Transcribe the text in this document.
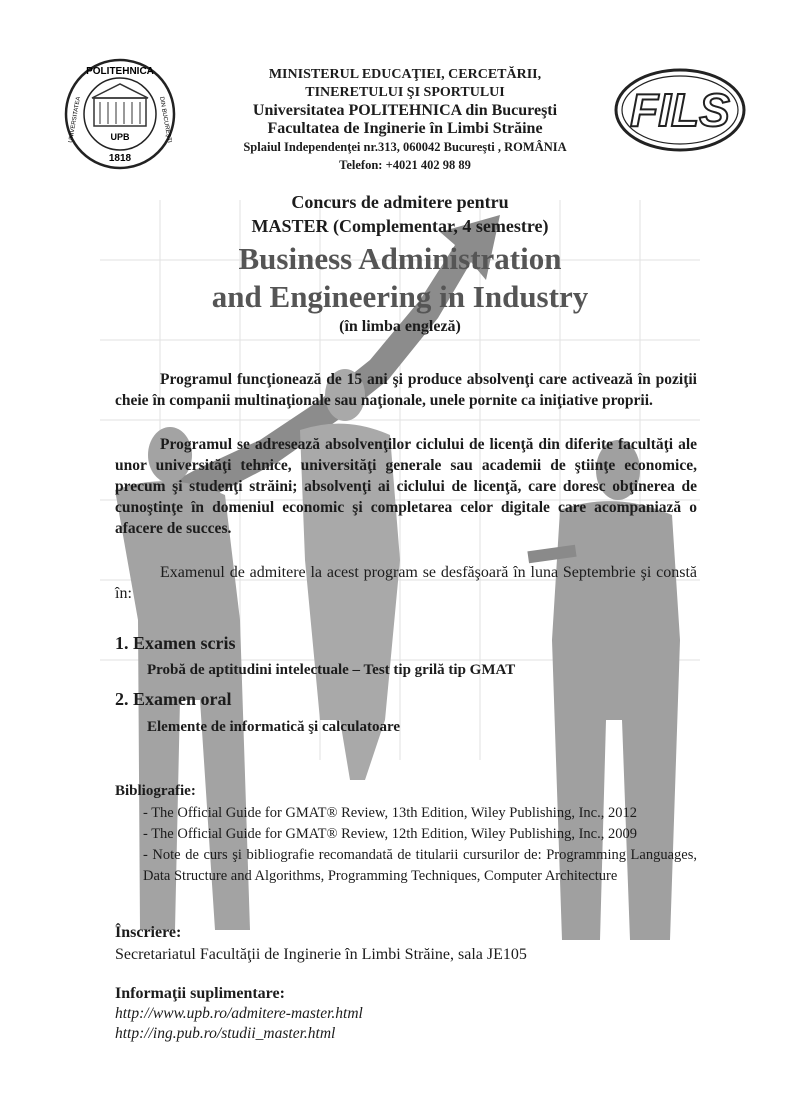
POLITEHNICA
UNIVERSITATEA	DIN BUCUREŞTI
UPB
1818
FILS
MINISTERUL EDUCAŢIEI, CERCETĂRII,
TINERETULUI ŞI SPORTULUI
Universitatea POLITEHNICA din Bucureşti
Facultatea de Inginerie în Limbi Străine
Splaiul Independenţei nr.313, 060042 Bucureşti , ROMÂNIA
Telefon: +4021 402 98 89
Concurs de admitere pentru
MASTER (Complementar, 4 semestre)
Business Administration
and Engineering in Industry
(în limba engleză)
Programul funcţionează de 15 ani şi produce absolvenţi care activează în poziţii cheie în companii multinaţionale sau naţionale, unele pornite ca iniţiative proprii.
Programul se adresează absolvenţilor ciclului de licenţă din diferite facultăţi ale unor universităţi tehnice, universităţi generale sau academii de ştiinţe economice, precum şi studenţi străini; absolvenţi ai ciclului de licenţă, care doresc obţinerea de cunoştinţe în domeniul economic şi completarea celor digitale care acompaniază o afacere de succes.
Examenul de admitere la acest program se desfăşoară în luna Septembrie şi constă în:
1. Examen scris
Probă de aptitudini intelectuale – Test tip grilă tip GMAT
2. Examen oral
Elemente de informatică şi calculatoare
Bibliografie:
- The Official Guide for GMAT® Review, 13th Edition, Wiley Publishing, Inc., 2012
- The Official Guide for GMAT® Review, 12th Edition, Wiley Publishing, Inc., 2009
- Note de curs şi bibliografie recomandată de titularii cursurilor de: Programming Languages, Data Structure and Algorithms, Programming Techniques, Computer Architecture
Înscriere:
Secretariatul Facultăţii de Inginerie în Limbi Străine, sala JE105
Informaţii suplimentare:
http://www.upb.ro/admitere-master.html
http://ing.pub.ro/studii_master.html
